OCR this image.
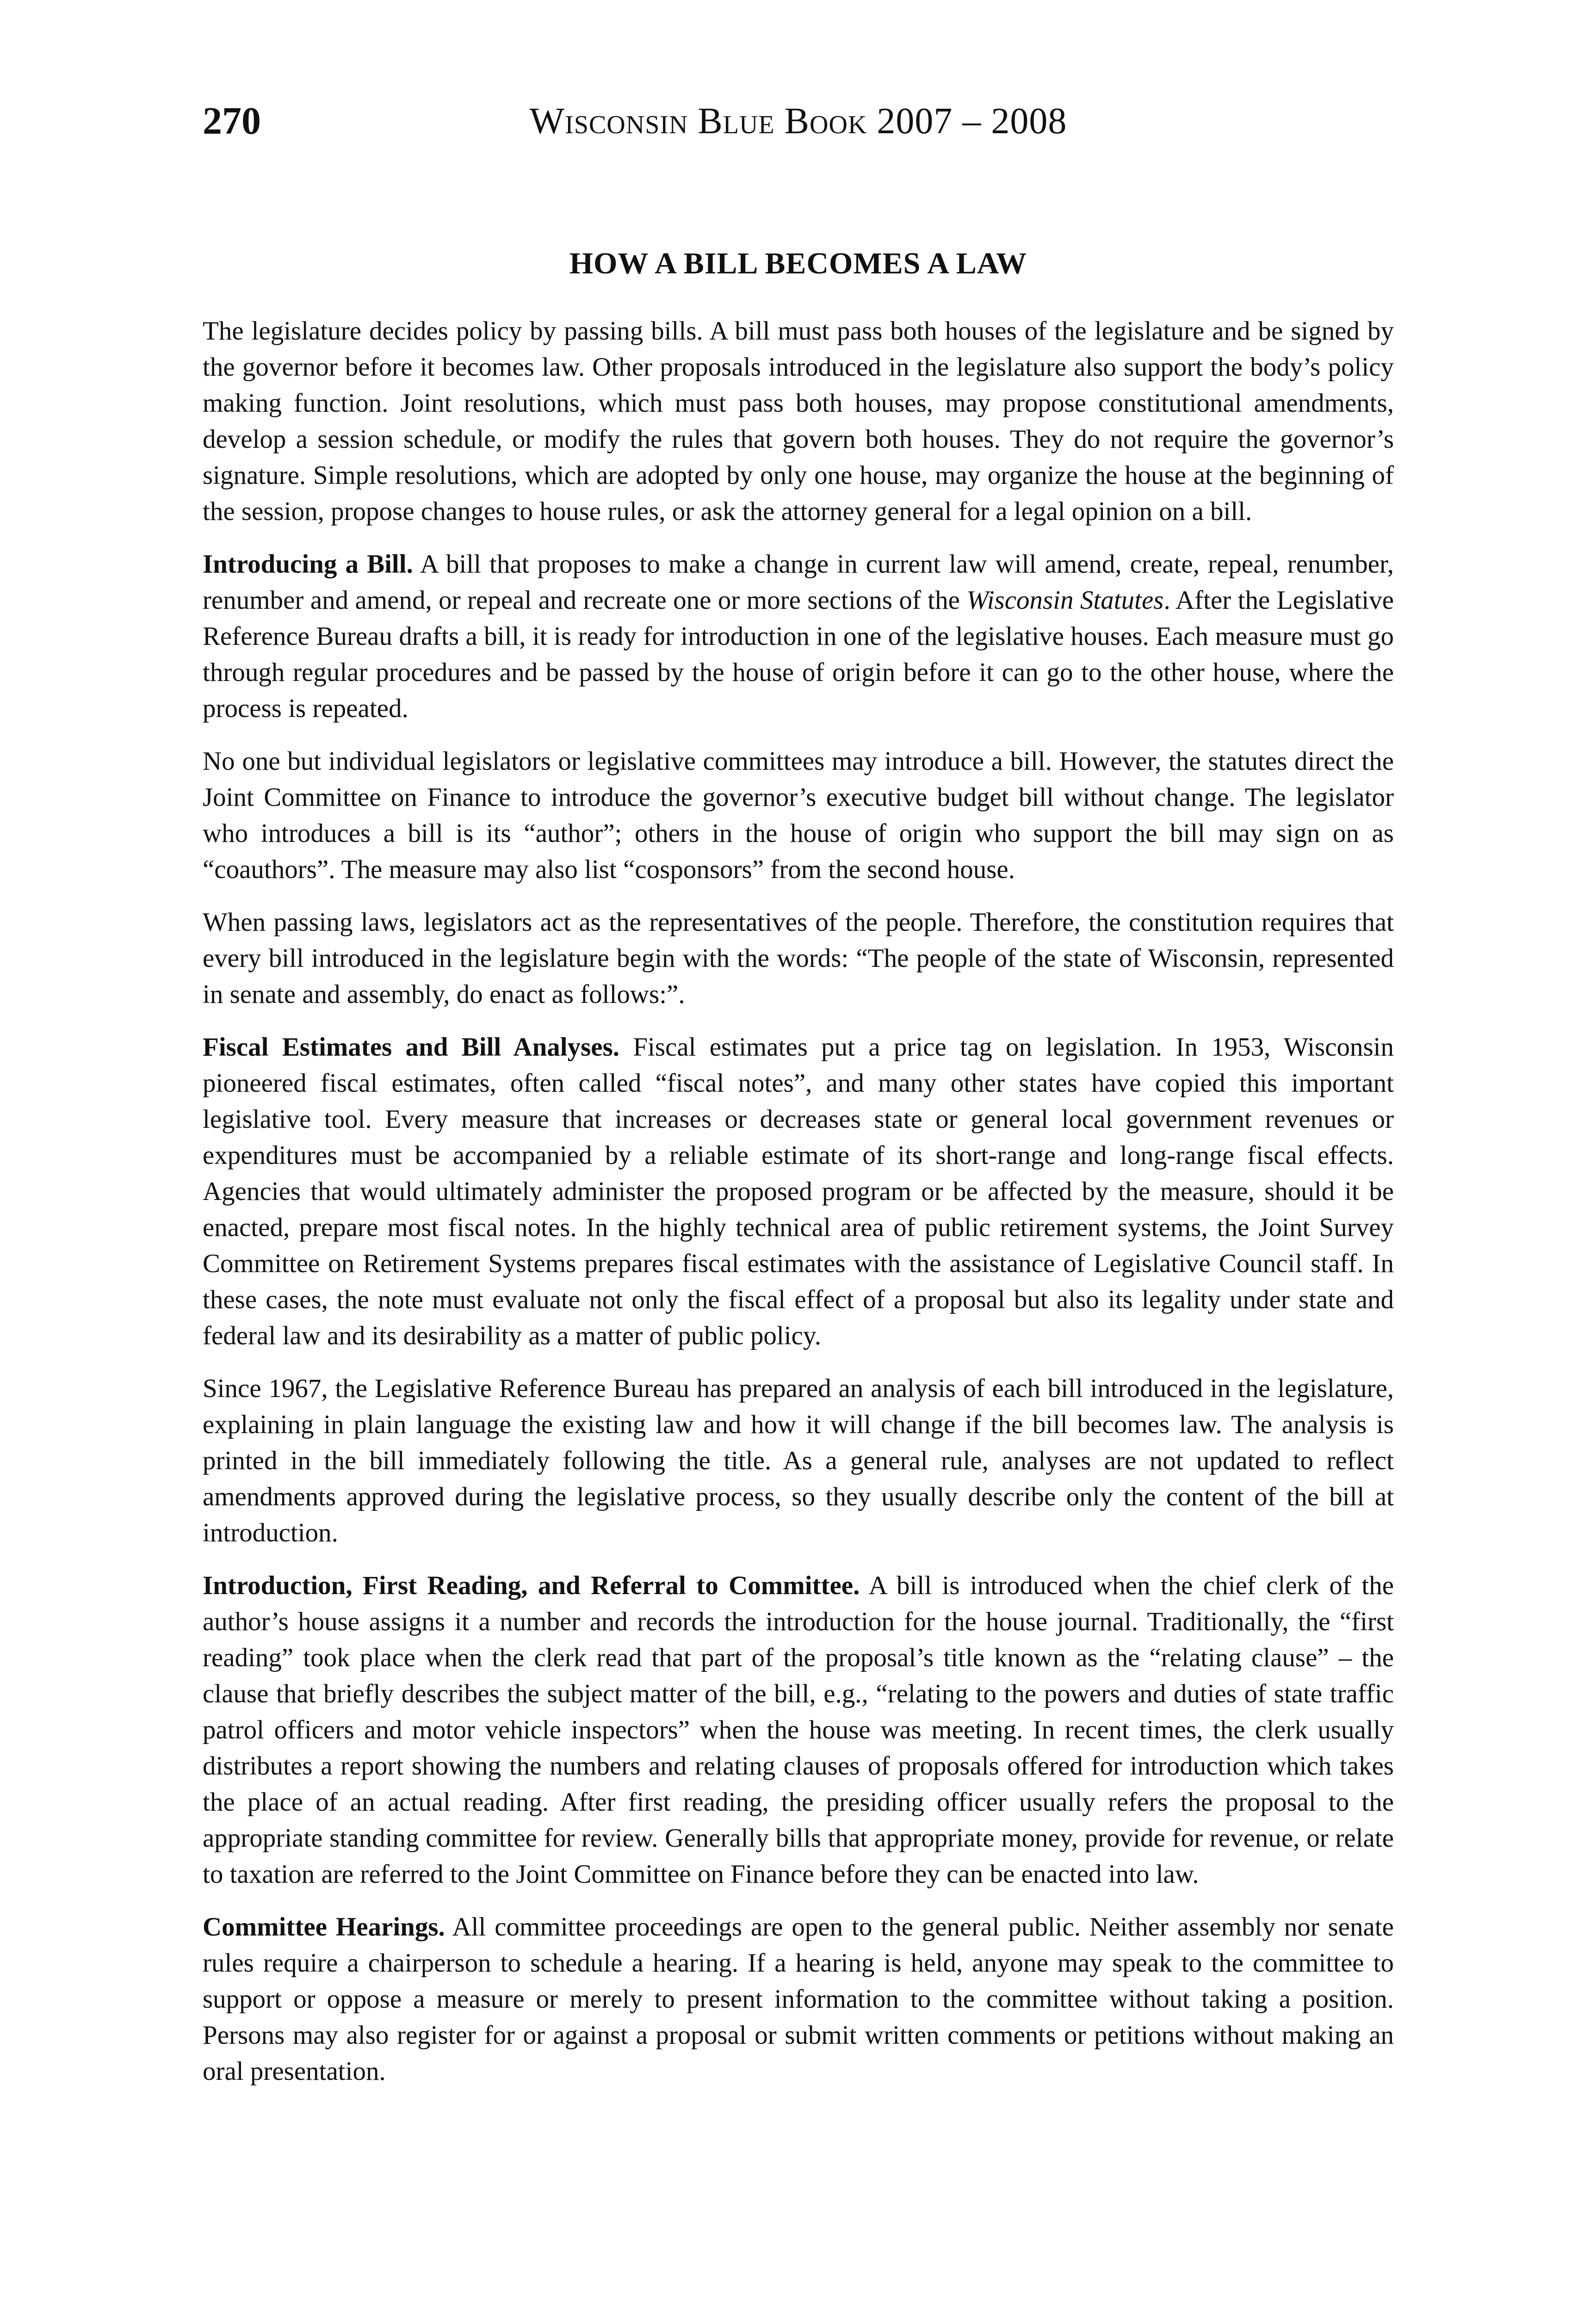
270	Wisconsin Blue Book 2007 – 2008
HOW A BILL BECOMES A LAW

The legislature decides policy by passing bills. A bill must pass both houses of the legislature and be signed by the governor before it becomes law. Other proposals introduced in the legislature also support the body’s policy making function. Joint resolutions, which must pass both houses, may propose constitutional amendments, develop a session schedule, or modify the rules that govern both houses. They do not require the governor’s signature. Simple resolutions, which are adopted by only one house, may organize the house at the beginning of the session, propose changes to house rules, or ask the attorney general for a legal opinion on a bill.

Introducing a Bill. A bill that proposes to make a change in current law will amend, create, repeal, renumber, renumber and amend, or repeal and recreate one or more sections of the Wisconsin Statutes. After the Legislative Reference Bureau drafts a bill, it is ready for introduction in one of the legislative houses. Each measure must go through regular procedures and be passed by the house of origin before it can go to the other house, where the process is repeated.

No one but individual legislators or legislative committees may introduce a bill. However, the statutes direct the Joint Committee on Finance to introduce the governor’s executive budget bill without change. The legislator who introduces a bill is its “author”; others in the house of origin who support the bill may sign on as “coauthors”. The measure may also list “cosponsors” from the second house.

When passing laws, legislators act as the representatives of the people. Therefore, the constitution requires that every bill introduced in the legislature begin with the words: “The people of the state of Wisconsin, represented in senate and assembly, do enact as follows:”.

Fiscal Estimates and Bill Analyses. Fiscal estimates put a price tag on legislation. In 1953, Wisconsin pioneered fiscal estimates, often called “fiscal notes”, and many other states have copied this important legislative tool. Every measure that increases or decreases state or general local government revenues or expenditures must be accompanied by a reliable estimate of its short-range and long-range fiscal effects. Agencies that would ultimately administer the proposed program or be affected by the measure, should it be enacted, prepare most fiscal notes. In the highly technical area of public retirement systems, the Joint Survey Committee on Retirement Systems prepares fiscal estimates with the assistance of Legislative Council staff. In these cases, the note must evaluate not only the fiscal effect of a proposal but also its legality under state and federal law and its desirability as a matter of public policy.

Since 1967, the Legislative Reference Bureau has prepared an analysis of each bill introduced in the legislature, explaining in plain language the existing law and how it will change if the bill becomes law. The analysis is printed in the bill immediately following the title. As a general rule, analyses are not updated to reflect amendments approved during the legislative process, so they usually describe only the content of the bill at introduction.

Introduction, First Reading, and Referral to Committee. A bill is introduced when the chief clerk of the author’s house assigns it a number and records the introduction for the house journal. Traditionally, the “first reading” took place when the clerk read that part of the proposal’s title known as the “relating clause” – the clause that briefly describes the subject matter of the bill, e.g., “relating to the powers and duties of state traffic patrol officers and motor vehicle inspectors” when the house was meeting. In recent times, the clerk usually distributes a report showing the numbers and relating clauses of proposals offered for introduction which takes the place of an actual reading. After first reading, the presiding officer usually refers the proposal to the appropriate standing committee for review. Generally bills that appropriate money, provide for revenue, or relate to taxation are referred to the Joint Committee on Finance before they can be enacted into law.

Committee Hearings. All committee proceedings are open to the general public. Neither assembly nor senate rules require a chairperson to schedule a hearing. If a hearing is held, anyone may speak to the committee to support or oppose a measure or merely to present information to the committee without taking a position. Persons may also register for or against a proposal or submit written comments or petitions without making an oral presentation.
